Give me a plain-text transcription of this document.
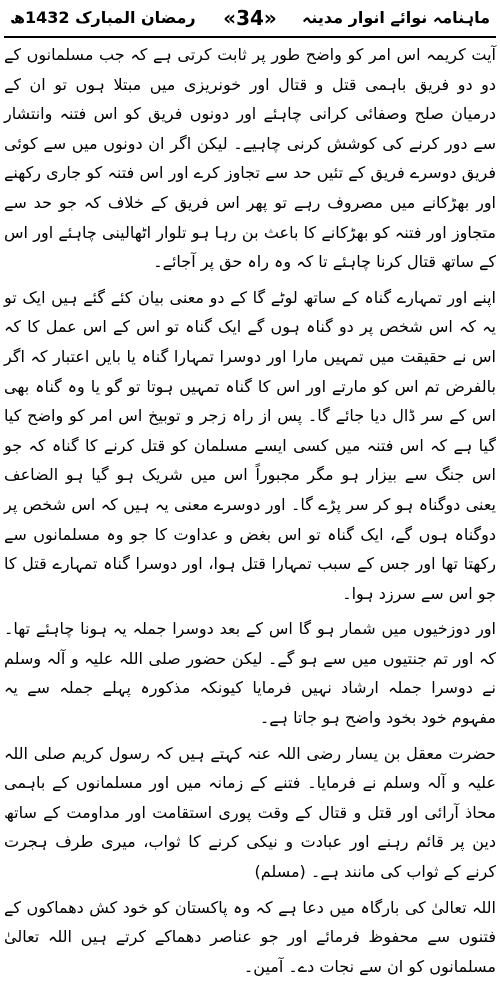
رمضان المبارک 1432ھ «34» ماہنامہ نوائے انوار مدینہ

آیت کریمہ اس امر کو واضح طور پر ثابت کرتی ہے کہ جب مسلمانوں کے دو دو فریق باہمی قتل و قتال اور خونریزی میں مبتلا ہوں تو ان کے درمیان صلح وصفائی کرانی چاہئے اور دونوں فریق کو اس فتنہ وانتشار سے دور کرنے کی کوشش کرنی چاہیے۔ لیکن اگر ان دونوں میں سے کوئی فریق دوسرے فریق کے تئیں حد سے تجاوز کرے اور اس فتنہ کو جاری رکھنے اور بھڑکانے میں مصروف رہے تو پھر اس فریق کے خلاف کہ جو حد سے متجاوز اور فتنہ کو بھڑکانے کا باعث بن رہا ہو تلوار اٹھالینی چاہئے اور اس کے ساتھ قتال کرنا چاہئے تا کہ وہ راہ حق پر آجائے۔

اپنے اور تمہارے گناہ کے ساتھ لوٹے گا کے دو معنی بیان کئے گئے ہیں ایک تو یہ کہ اس شخص پر دو گناہ ہوں گے ایک گناہ تو اس کے اس عمل کا کہ اس نے حقیقت میں تمہیں مارا اور دوسرا تمہارا گناہ یا بایں اعتبار کہ اگر بالفرض تم اس کو مارتے اور اس کا گناہ تمہیں ہوتا تو گو یا وہ گناہ بھی اس کے سر ڈال دیا جائے گا۔ پس از راہ زجر و توبیخ اس امر کو واضح کیا گیا ہے کہ اس فتنہ میں کسی ایسے مسلمان کو قتل کرنے کا گناہ کہ جو اس جنگ سے بیزار ہو مگر مجبوراً اس میں شریک ہو گیا ہو الضاعف یعنی دوگناہ ہو کر سر پڑے گا۔ اور دوسرے معنی یہ ہیں کہ اس شخص پر دوگناہ ہوں گے، ایک گناہ تو اس بغض و عداوت کا جو وہ مسلمانوں سے رکھتا تھا اور جس کے سبب تمہارا قتل ہوا، اور دوسرا گناہ تمہارے قتل کا جو اس سے سرزد ہوا۔

اور دوزخیوں میں شمار ہو گا اس کے بعد دوسرا جملہ یہ ہونا چاہئے تھا۔ کہ اور تم جنتیوں میں سے ہو گے۔ لیکن حضور صلی اللہ علیہ و آلہ وسلم نے دوسرا جملہ ارشاد نہیں فرمایا کیونکہ مذکورہ پہلے جملہ سے یہ مفہوم خود بخود واضح ہو جاتا ہے۔

حضرت معقل بن یسار رضی اللہ عنہ کہتے ہیں کہ رسول کریم صلی اللہ علیہ و آلہ وسلم نے فرمایا۔ فتنے کے زمانہ میں اور مسلمانوں کے باہمی محاذ آرائی اور قتل و قتال کے وقت پوری استقامت اور مداومت کے ساتھ دین پر قائم رہنے اور عبادت و نیکی کرنے کا ثواب، میری طرف ہجرت کرنے کے ثواب کی مانند ہے۔ (مسلم)

اللہ تعالیٰ کی بارگاہ میں دعا ہے کہ وہ پاکستان کو خود کش دھماکوں کے فتنوں سے محفوظ فرمائے اور جو عناصر دھماکے کرتے ہیں اللہ تعالیٰ مسلمانوں کو ان سے نجات دے۔ آمین۔
